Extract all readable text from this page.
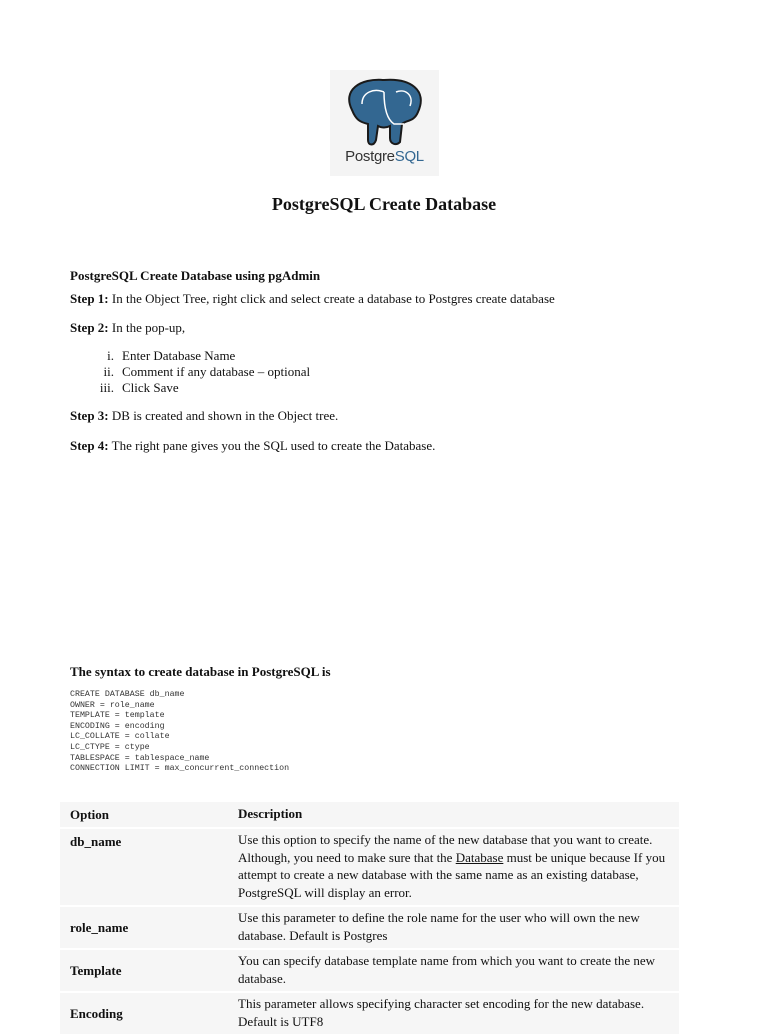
PostgreSQL
PostgreSQL Create Database
PostgreSQL Create Database using pgAdmin
Step 1: In the Object Tree, right click and select create a database to Postgres create database
Step 2: In the pop-up,
i. Enter Database Name
ii. Comment if any database – optional
iii. Click Save
Step 3: DB is created and shown in the Object tree.
Step 4: The right pane gives you the SQL used to create the Database.
The syntax to create database in PostgreSQL is
CREATE DATABASE db_name
OWNER = role_name
TEMPLATE = template
ENCODING = encoding
LC_COLLATE = collate
LC_CTYPE = ctype
TABLESPACE = tablespace_name
CONNECTION LIMIT = max_concurrent_connection
Option	Description
db_name	Use this option to specify the name of the new database that you want to create. Although, you need to make sure that the Database must be unique because If you attempt to create a new database with the same name as an existing database, PostgreSQL will display an error.
role_name
Use this parameter to define the role name for the user who will own the new database. Default is Postgres
Template
You can specify database template name from which you want to create the new database.
Encoding
This parameter allows specifying character set encoding for the new database. Default is UTF8
